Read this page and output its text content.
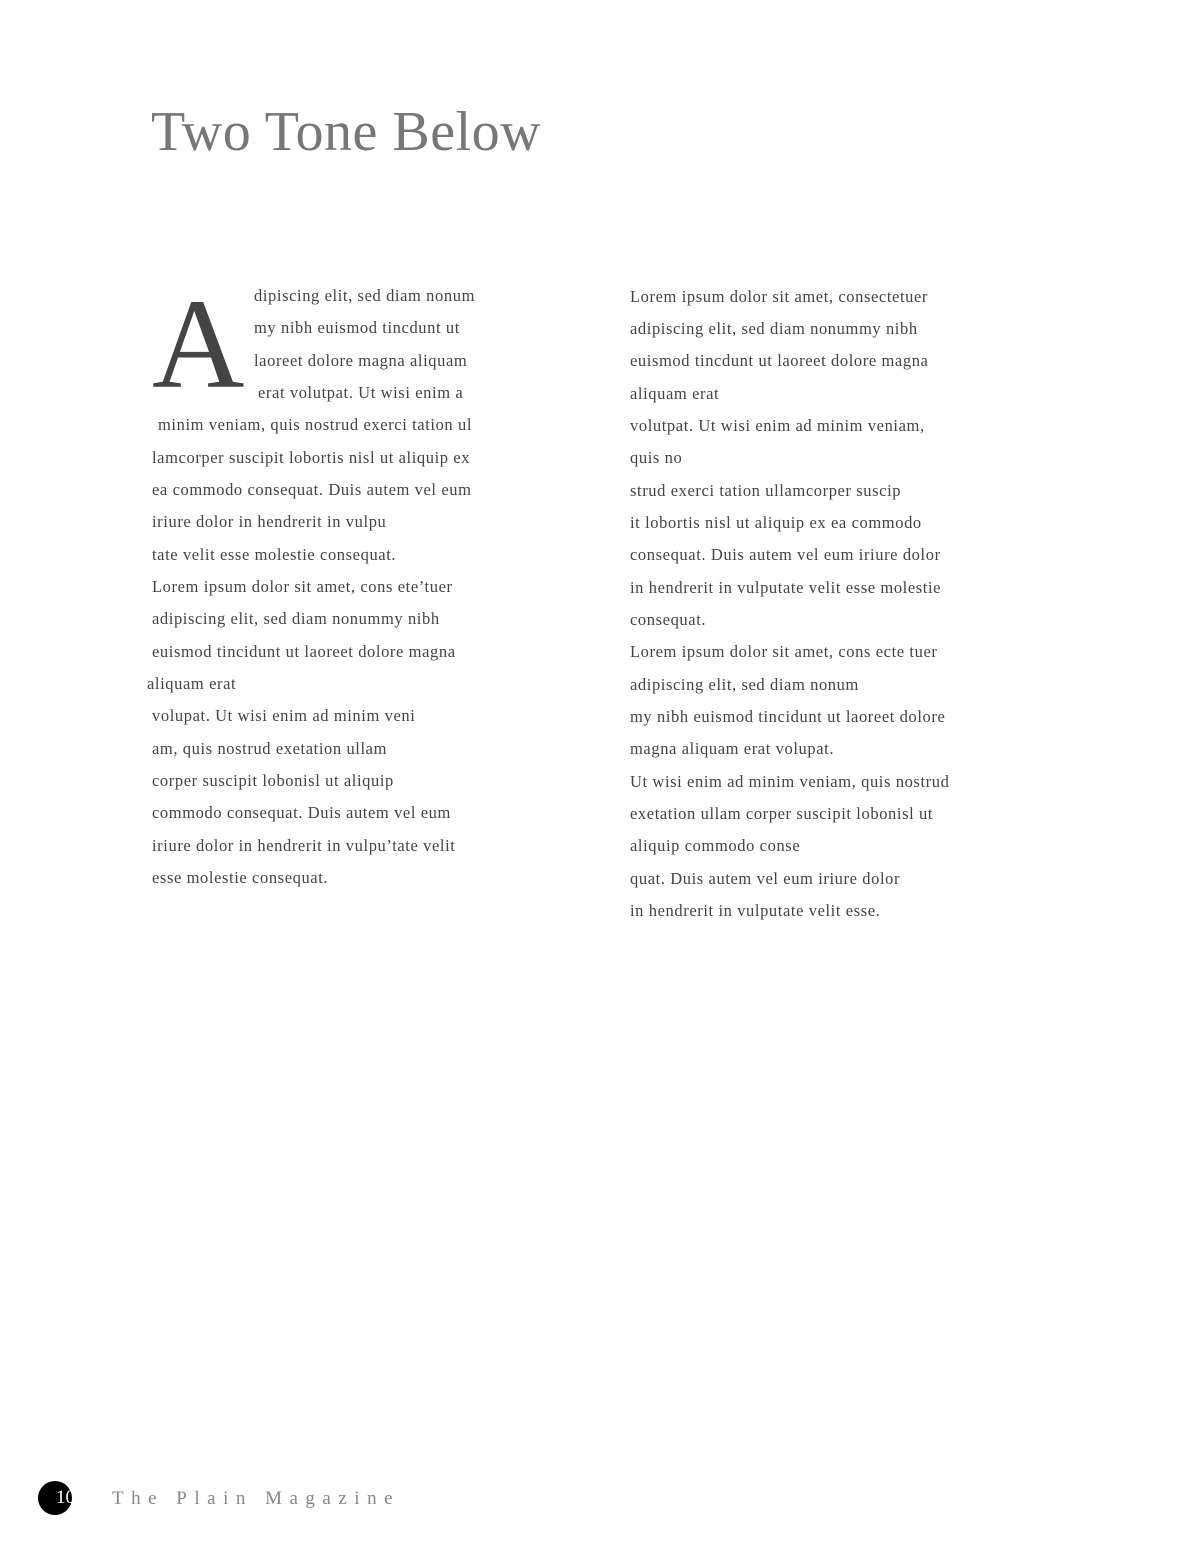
Two Tone Below
A dipiscing elit, sed diam nonum
my nibh euismod tincdunt ut
laoreet dolore magna aliquam
erat volutpat. Ut wisi enim a
minim veniam, quis nostrud exerci tation ul
lamcorper suscipit lobortis nisl ut aliquip ex
ea commodo consequat. Duis autem vel eum
iriure dolor in hendrerit in vulpu
tate velit esse molestie consequat.
Lorem ipsum dolor sit amet, cons ete’tuer
adipiscing elit, sed diam nonummy nibh
euismod tincidunt ut laoreet dolore magna
aliquam erat
volupat. Ut wisi enim ad minim veni
am, quis nostrud exetation ullam
corper suscipit lobonisl ut aliquip
commodo consequat. Duis autem vel eum
iriure dolor in hendrerit in vulpu’tate velit
esse molestie consequat.
Lorem ipsum dolor sit amet, consectetuer
adipiscing elit, sed diam nonummy nibh
euismod tincdunt ut laoreet dolore magna
aliquam erat
volutpat. Ut wisi enim ad minim veniam,
quis no
strud exerci tation ullamcorper suscip
it lobortis nisl ut aliquip ex ea commodo
consequat. Duis autem vel eum iriure dolor
in hendrerit in vulputate velit esse molestie
consequat.
Lorem ipsum dolor sit amet, cons ecte tuer
adipiscing elit, sed diam nonum
my nibh euismod tincidunt ut laoreet dolore
magna aliquam erat volupat.
Ut wisi enim ad minim veniam, quis nostrud
exetation ullam corper suscipit lobonisl ut
aliquip commodo conse
quat. Duis autem vel eum iriure dolor
in hendrerit in vulputate velit esse.
10 The Plain Magazine
